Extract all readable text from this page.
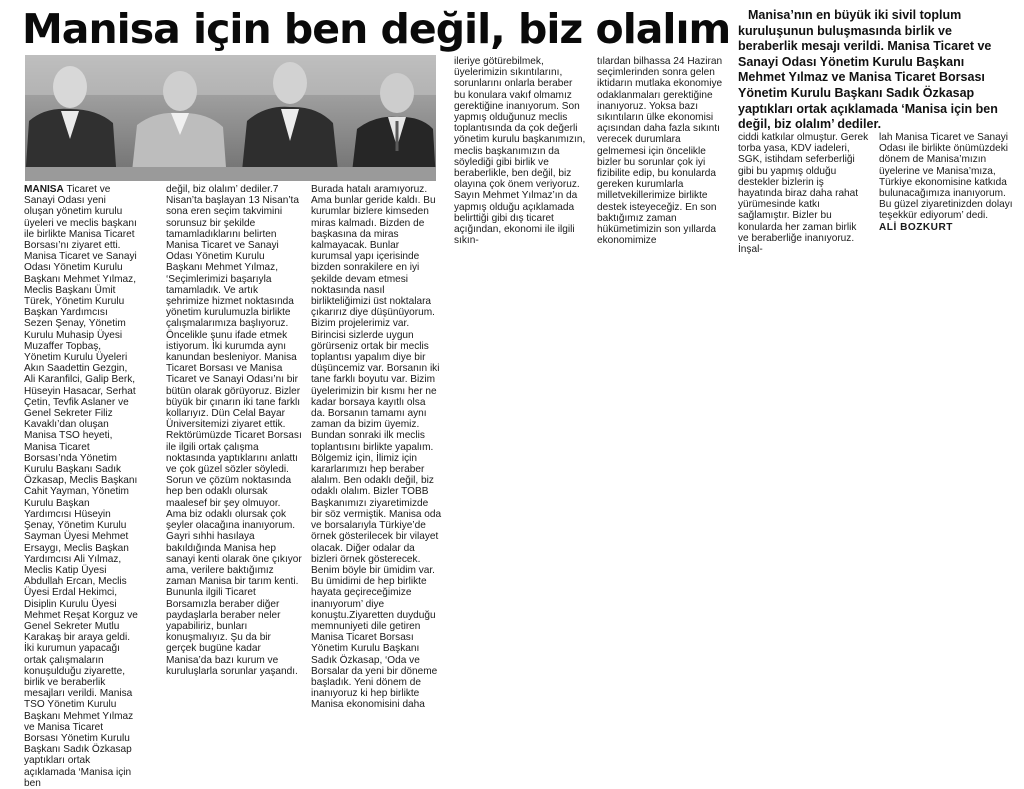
Manisa için ben değil, biz olalım	Manisa’nın en büyük iki sivil toplum kuruluşunun buluşmasında birlik ve beraberlik mesajı verildi. Manisa Ticaret ve Sanayi Odası Yönetim Kurulu Başkanı Mehmet Yılmaz ve Manisa Ticaret Borsası Yönetim Kurulu Başkanı Sadık Özkasap yaptıkları ortak açıklamada ‘Manisa için ben değil, biz olalım’ dediler.

MANISA Ticaret ve Sanayi Odası yeni oluşan yönetim kurulu üyeleri ve meclis başkanı ile birlikte Manisa Ticaret Borsası’nı ziyaret etti. Manisa Ticaret ve Sanayi Odası Yönetim Kurulu Başkanı Mehmet Yılmaz, Meclis Başkanı Ümit Türek, Yönetim Kurulu Başkan Yardımcısı Sezen Şenay, Yönetim Kurulu Muhasip Üyesi Muzaffer Topbaş, Yönetim Kurulu Üyeleri Akın Saadettin Gezgin, Ali Karanfilci, Galip Berk, Hüseyin Hasacar, Serhat Çetin, Tevfik Aslaner ve Genel Sekreter Filiz Kavaklı’dan oluşan Manisa TSO heyeti, Manisa Ticaret Borsası’nda Yönetim Kurulu Başkanı Sadık Özkasap, Meclis Başkanı Cahit Yayman, Yönetim Kurulu Başkan Yardımcısı Hüseyin Şenay, Yönetim Kurulu Sayman Üyesi Mehmet Ersaygı, Meclis Başkan Yardımcısı Ali Yılmaz, Meclis Katip Üyesi Abdullah Ercan, Meclis Üyesi Erdal Hekimci, Disiplin Kurulu Üyesi Mehmet Reşat Korguz ve Genel Sekreter Mutlu Karakaş bir araya geldi. İki kurumun yapacağı ortak çalışmaların konuşulduğu ziyarette, birlik ve beraberlik mesajları verildi. Manisa TSO Yönetim Kurulu Başkanı Mehmet Yılmaz ve Manisa Ticaret Borsası Yönetim Kurulu Başkanı Sadık Özkasap yaptıkları ortak açıklamada ‘Manisa için ben

değil, biz olalım’ dediler.7 Nisan’ta başlayan 13 Nisan’ta sona eren seçim takvimini sorunsuz bir şekilde tamamladıklarını belirten Manisa Ticaret ve Sanayi Odası Yönetim Kurulu Başkanı Mehmet Yılmaz, ‘Seçimlerimizi başarıyla tamamladık. Ve artık şehrimize hizmet noktasında yönetim kurulumuzla birlikte çalışmalarımıza başlıyoruz. Öncelikle şunu ifade etmek istiyorum. İki kurumda aynı kanundan besleniyor. Manisa Ticaret Borsası ve Manisa Ticaret ve Sanayi Odası’nı bir bütün olarak görüyoruz. Bizler büyük bir çınarın iki tane farklı kollarıyız. Dün Celal Bayar Üniversitemizi ziyaret ettik. Rektörümüzde Ticaret Borsası ile ilgili ortak çalışma noktasında yaptıklarını anlattı ve çok güzel sözler söyledi. Sorun ve çözüm noktasında hep ben odaklı olursak maalesef bir şey olmuyor. Ama biz odaklı olursak çok şeyler olacağına inanıyorum. Gayri sıhhi hasılaya bakıldığında Manisa hep sanayi kenti olarak öne çıkıyor ama, verilere baktığımız zaman Manisa bir tarım kenti. Bununla ilgili Ticaret Borsamızla beraber diğer paydaşlarla beraber neler yapabiliriz, bunları konuşmalıyız. Şu da bir gerçek bugüne kadar Manisa’da bazı kurum ve kuruluşlarla sorunlar yaşandı.

Burada hatalı aramıyoruz. Ama bunlar geride kaldı. Bu kurumlar bizlere kimseden miras kalmadı. Bizden de başkasına da miras kalmayacak. Bunlar kurumsal yapı içerisinde bizden sonrakilere en iyi şekilde devam etmesi noktasında nasıl birlikteliğimizi üst noktalara çıkarırız diye düşünüyorum. Bizim projelerimiz var. Birincisi sizlerde uygun görürseniz ortak bir meclis toplantısı yapalım diye bir düşüncemiz var. Borsanın iki tane farklı boyutu var. Bizim üyelerimizin bir kısmı her ne kadar borsaya kayıtlı olsa da. Borsanın tamamı aynı zaman da bizim üyemiz. Bundan sonraki ilk meclis toplantısını birlikte yapalım. Bölgemiz için, İlimiz için kararlarımızı hep beraber alalım. Ben odaklı değil, biz odaklı olalım. Bizler TOBB Başkanımızı ziyaretimizde bir söz vermiştik. Manisa oda ve borsalarıyla Türkiye’de örnek gösterilecek bir vilayet olacak. Diğer odalar da bizleri örnek gösterecek. Benim böyle bir ümidim var. Bu ümidimi de hep birlikte hayata geçireceğimize inanıyorum’ diye konuştu.Ziyaretten duyduğu memnuniyeti dile getiren Manisa Ticaret Borsası Yönetim Kurulu Başkanı Sadık Özkasap, ‘Oda ve Borsalar da yeni bir döneme başladık. Yeni dönem de inanıyoruz ki hep birlikte Manisa ekonomisini daha

ileriye götürebilmek, üyelerimizin sıkıntılarını, sorunlarını onlarla beraber bu konulara vakıf olmamız gerektiğine inanıyorum. Son yapmış olduğunuz meclis toplantısında da çok değerli yönetim kurulu başkanımızın, meclis başkanımızın da söylediği gibi birlik ve beraberlikle, ben değil, biz olayına çok önem veriyoruz. Sayın Mehmet Yılmaz’ın da yapmış olduğu açıklamada belirttiği gibi dış ticaret açığından, ekonomi ile ilgili sıkın-

tılardan bilhassa 24 Haziran seçimlerinden sonra gelen iktidarın mutlaka ekonomiye odaklanmaları gerektiğine inanıyoruz. Yoksa bazı sıkıntıların ülke ekonomisi açısından daha fazla sıkıntı verecek durumlara gelmemesi için öncelikle bizler bu sorunlar çok iyi fizibilite edip, bu konularda gereken kurumlarla milletvekillerimize birlikte destek isteyeceğiz. En son baktığımız zaman hükümetimizin son yıllarda ekonomimize

ciddi katkılar olmuştur. Gerek torba yasa, KDV iadeleri, SGK, istihdam seferberliği gibi bu yapmış olduğu destekler bizlerin iş hayatında biraz daha rahat yürümesinde katkı sağlamıştır. Bizler bu konularda her zaman birlik ve beraberliğe inanıyoruz. İnşal-

lah Manisa Ticaret ve Sanayi Odası ile birlikte önümüzdeki dönem de Manisa’mızın üyelerine ve Manisa’mıza, Türkiye ekonomisine katkıda bulunacağımıza inanıyorum. Bu güzel ziyaretinizden dolayı teşekkür ediyorum’ dedi.

ALİ BOZKURT
